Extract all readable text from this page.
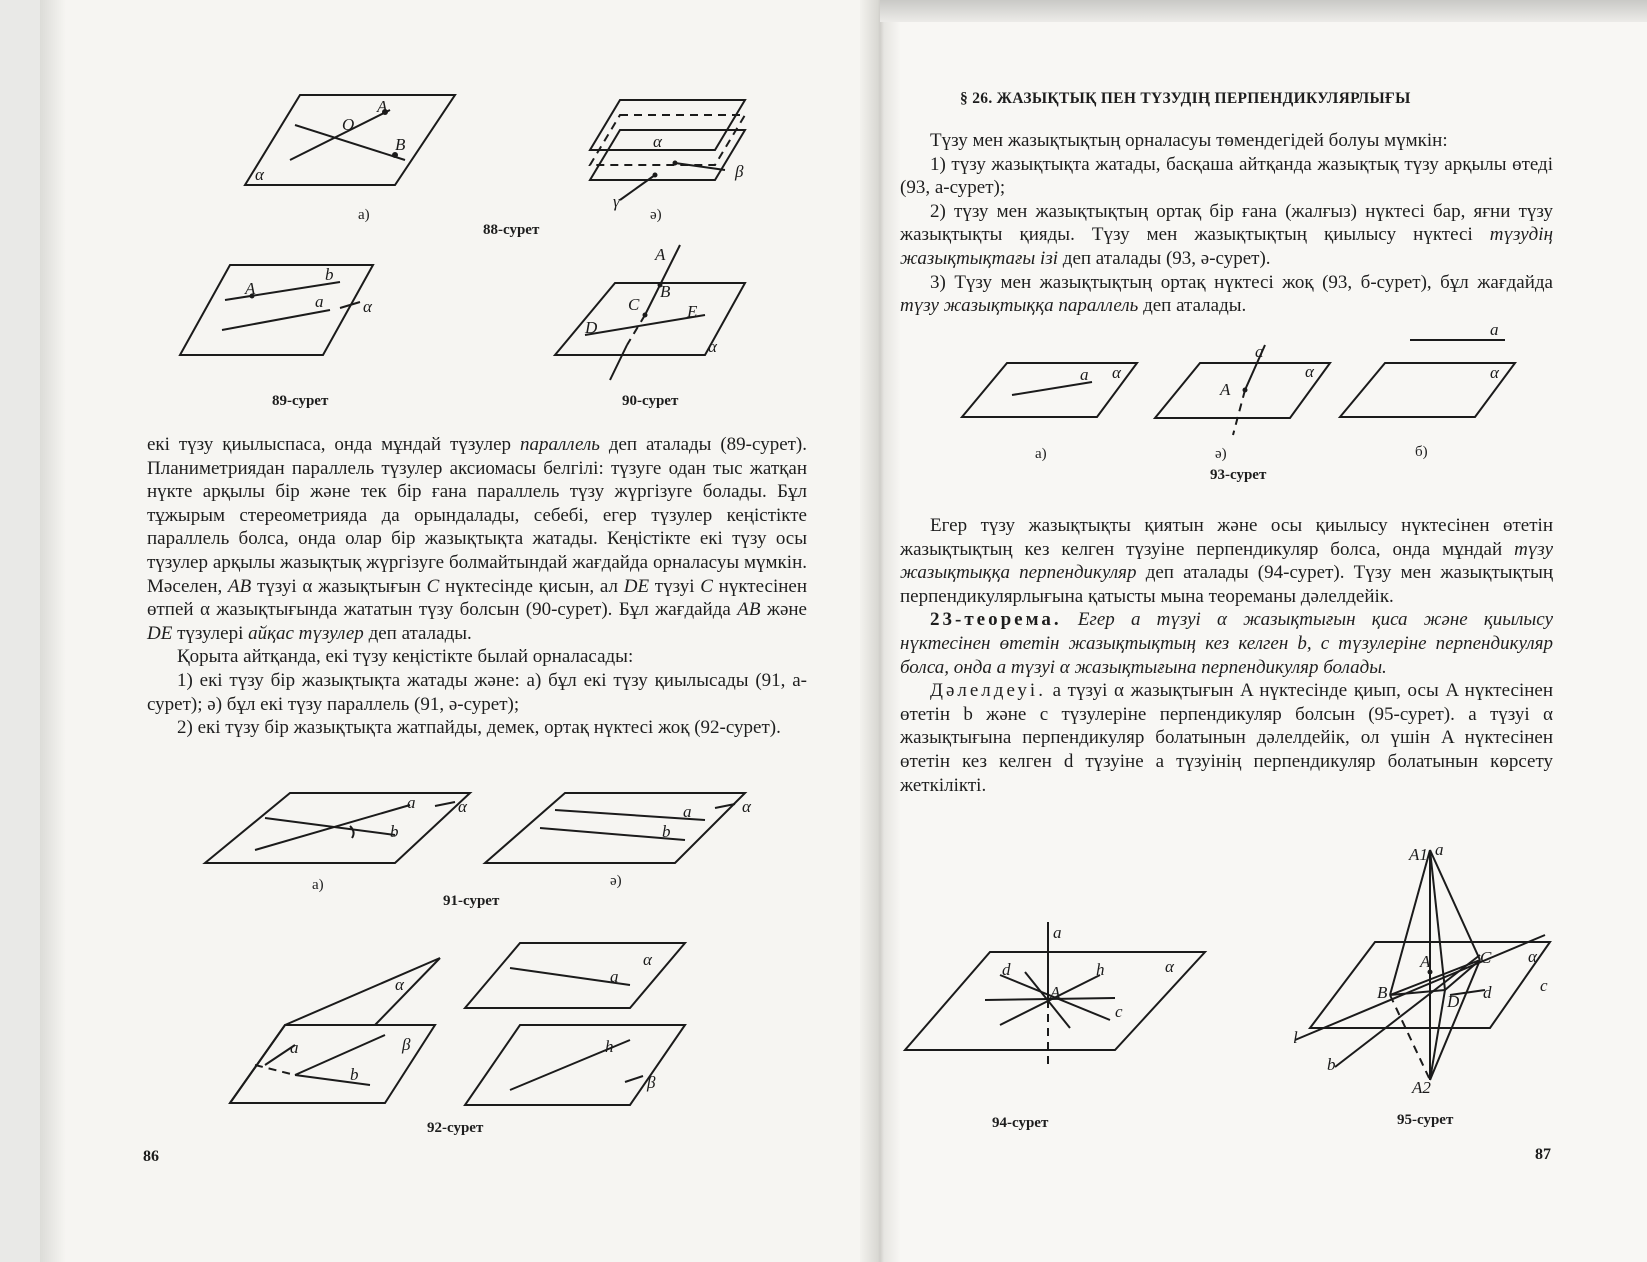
A
O
B
α
а)
α
β
γ
88-сурет
ә)
A
b
a α
89-сурет
A
B
C
D
E
α
90-сурет

екі түзу қиылыспаса, онда мұндай түзулер параллель деп аталады (89-сурет). Планиметриядан параллель түзулер аксиомасы белгілі: түзуге одан тыс жатқан нүкте арқылы бір және тек бір ғана параллель түзу жүргізуге болады. Бұл тұжырым стереометрияда да орындалады, себебі, егер түзулер кеңістікте параллель болса, онда олар бір жазықтықта жатады. Кеңістікте екі түзу осы түзулер арқылы жазықтық жүргізуге болмайтындай жағдайда орналасуы мүмкін. Мәселен, AB түзуі α жазықтығын C нүктесінде қисын, ал DE түзуі C нүктесінен өтпей α жазықтығында жататын түзу болсын (90-сурет). Бұл жағдайда AB және DE түзулері айқас түзулер деп аталады.

Қорыта айтқанда, екі түзу кеңістікте былай орналасады:

1) екі түзу бір жазықтықта жатады және: а) бұл екі түзу қиылысады (91, а-сурет); ә) бұл екі түзу параллель (91, ә-сурет);

2) екі түзу бір жазықтықта жатпайды, демек, ортақ нүктесі жоқ (92-сурет).

a
b
α
а)
a
b
α
91-сурет
ә)
α
β
a
b
α
a
h
β
92-сурет
86
§ 26. ЖАЗЫҚТЫҚ ПЕН ТҮЗУДІҢ ПЕРПЕНДИКУЛЯРЛЫҒЫ

Түзу мен жазықтықтың орналасуы төмендегідей болуы мүмкін:

1) түзу жазықтықта жатады, басқаша айтқанда жазықтық түзу арқылы өтеді (93, а-сурет);

2) түзу мен жазықтықтың ортақ бір ғана (жалғыз) нүктесі бар, яғни түзу жазықтықты қияды. Түзу мен жазықтықтың қиылысу нүктесі түзудің жазықтықтағы ізі деп аталады (93, ә-сурет).

3) Түзу мен жазықтықтың ортақ нүктесі жоқ (93, б-сурет), бұл жағдайда түзу жазықтыққа параллель деп аталады.

a α
a
A
α
a
α
а)	ә)	б)
93-сурет

Егер түзу жазықтықты қиятын және осы қиылысу нүктесінен өтетін жазықтықтың кез келген түзуіне перпендикуляр болса, онда мұндай түзу жазықтыққа перпендикуляр деп аталады (94-сурет). Түзу мен жазықтықтың перпендикулярлығына қатысты мына теореманы дәлелдейік.

23-теорема. Егер a түзуі α жазықтығын қиса және қиылысу нүктесінен өтетін жазықтықтың кез келген b, c түзулеріне перпендикуляр болса, онда a түзуі α жазықтығына перпендикуляр болады.

Дәлелдеуі. a түзуі α жазықтығын A нүктесінде қиып, осы A нүктесінен өтетін b және c түзулеріне перпендикуляр болсын (95-сурет). a түзуі α жазықтығына перпендикуляр болатынын дәлелдейік, ол үшін A нүктесінен өтетін кез келген d түзуіне a түзуінің перпендикуляр болатынын көрсету жеткілікті.

a
d
A
h	α
c
94-сурет
A1 a
A	C α
c
B	D d
l
b
A2
95-сурет
87
